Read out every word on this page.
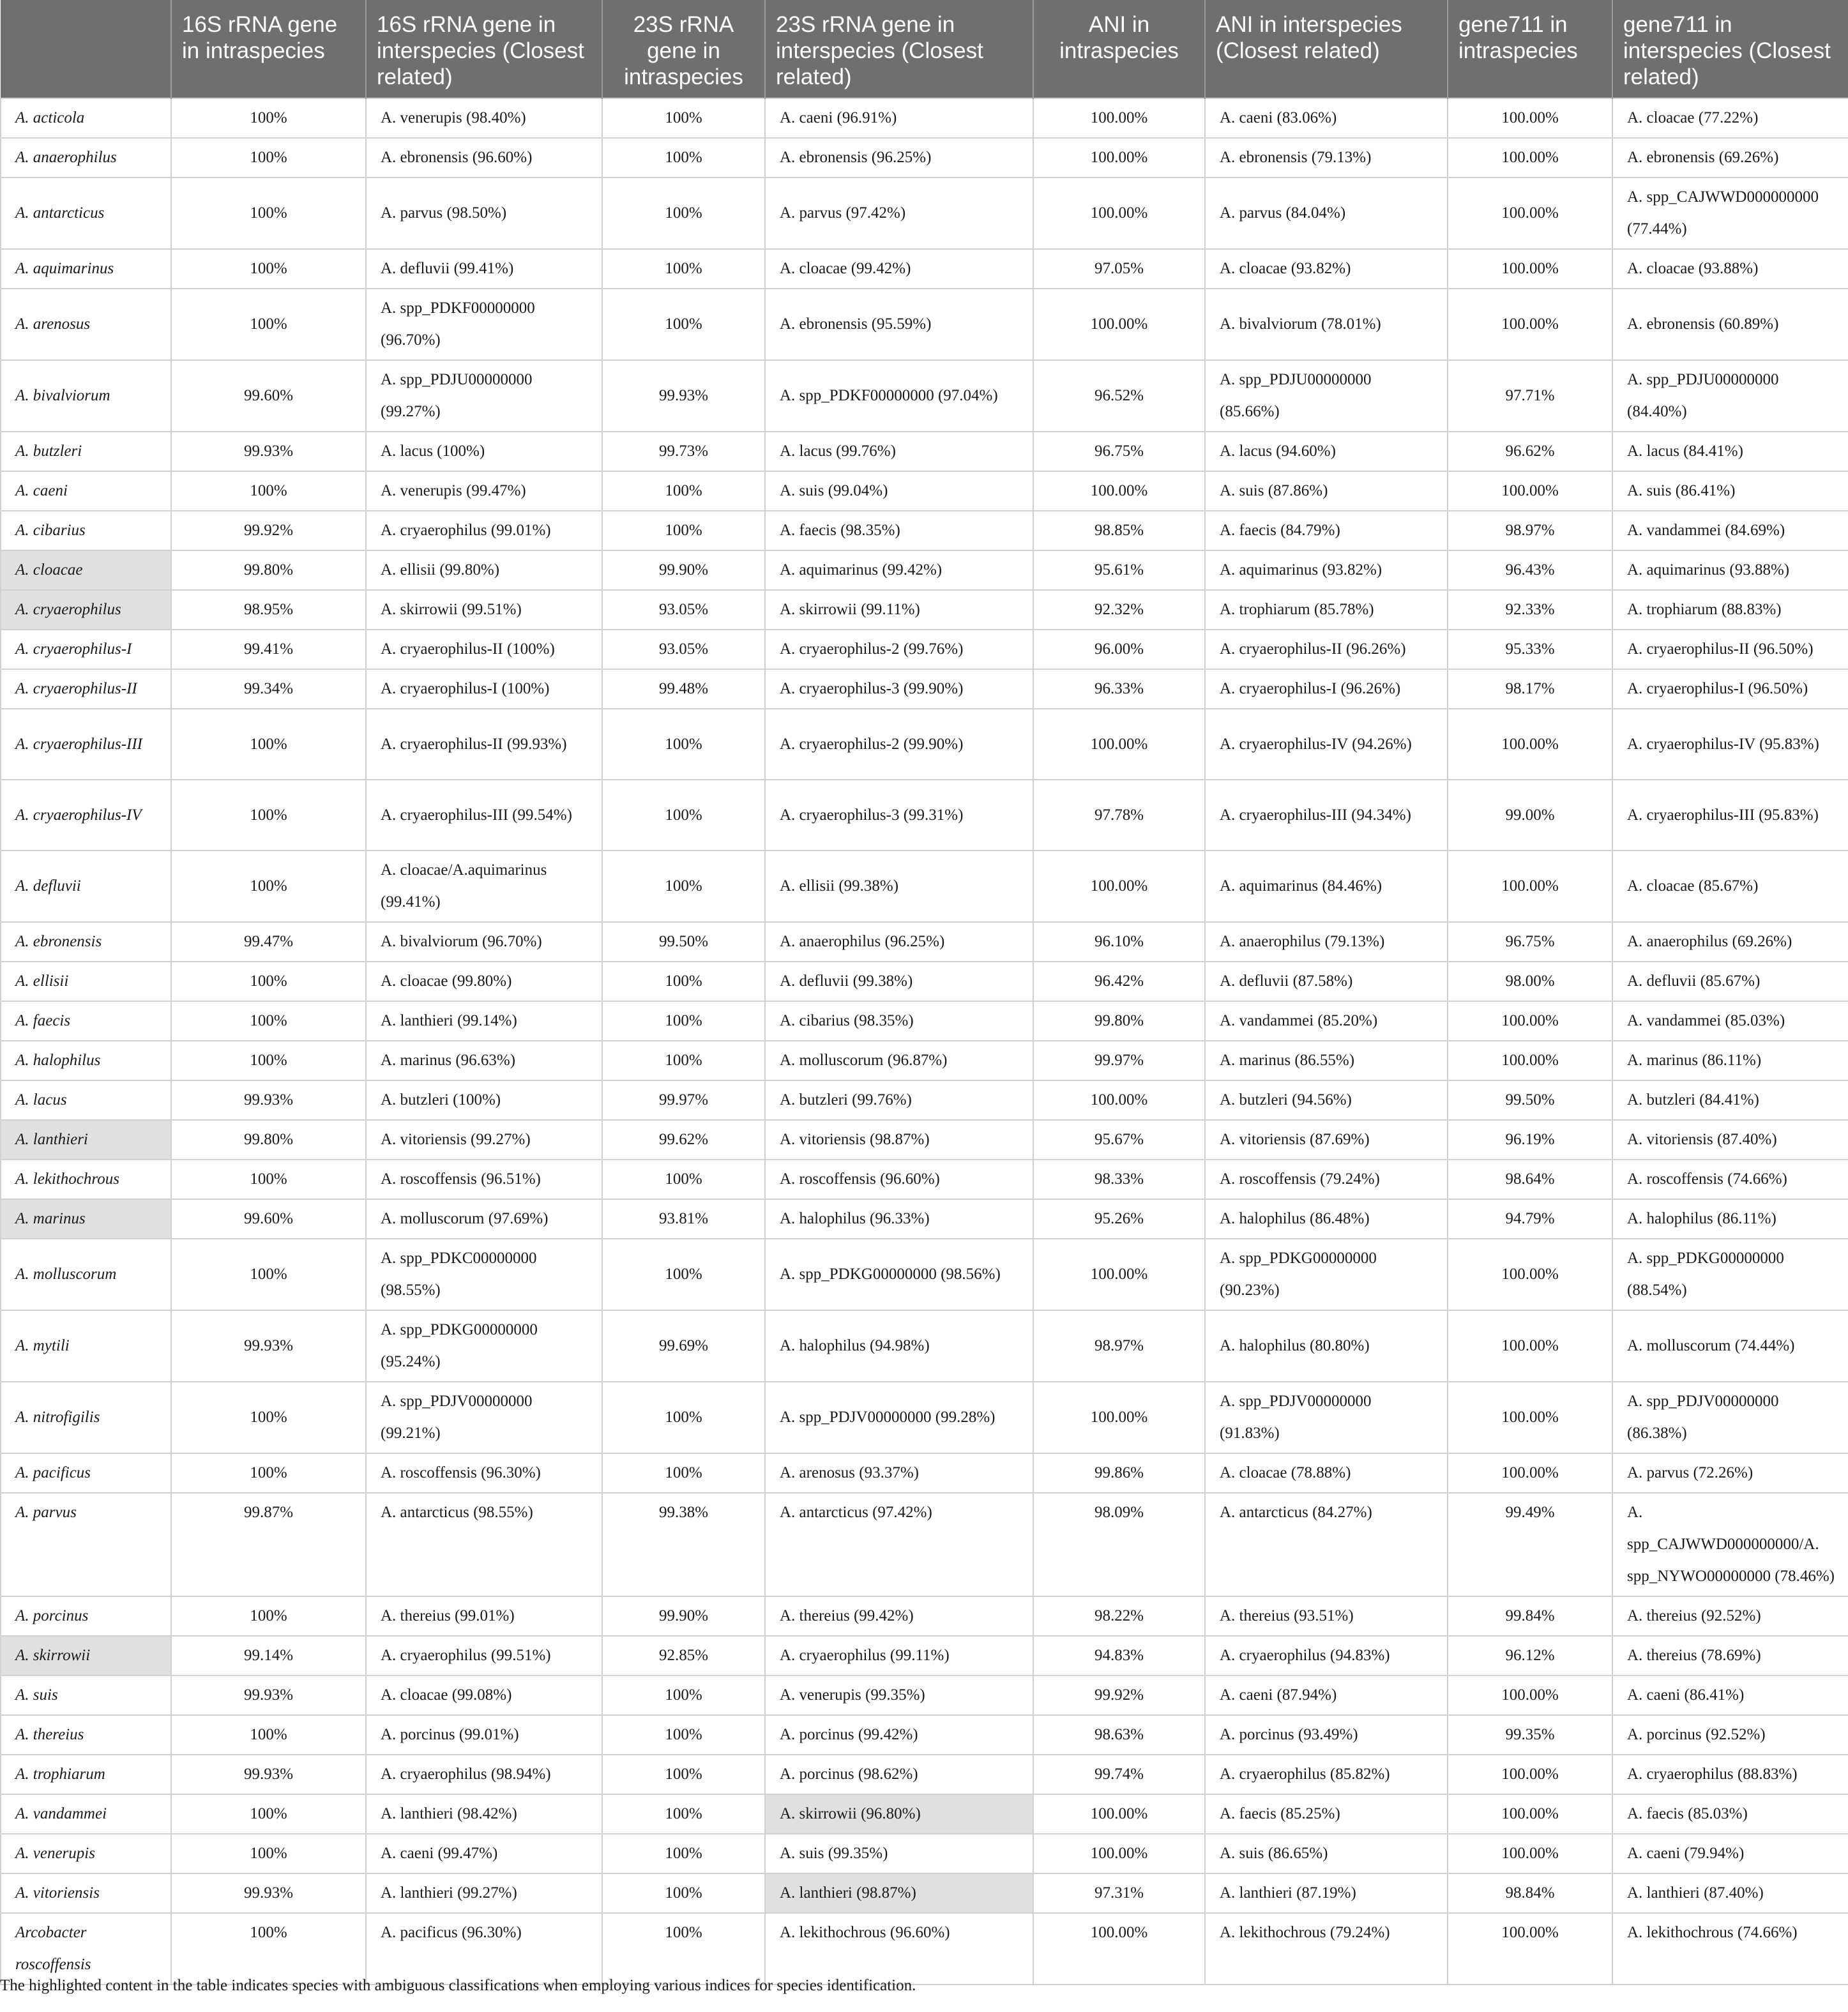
	16S rRNA gene in intraspecies	16S rRNA gene in interspecies (Closest related)	23S rRNA gene in intraspecies	23S rRNA gene in interspecies (Closest related)	ANI in intraspecies	ANI in interspecies (Closest related)	gene711 in intraspecies	gene711 in interspecies (Closest related)
A. acticola	100%	A. venerupis (98.40%)	100%	A. caeni (96.91%)	100.00%	A. caeni (83.06%)	100.00%	A. cloacae (77.22%)
A. anaerophilus	100%	A. ebronensis (96.60%)	100%	A. ebronensis (96.25%)	100.00%	A. ebronensis (79.13%)	100.00%	A. ebronensis (69.26%)
A. antarcticus	100%	A. parvus (98.50%)	100%	A. parvus (97.42%)	100.00%	A. parvus (84.04%)	100.00%	A. spp_CAJWWD000000000 (77.44%)
A. aquimarinus	100%	A. defluvii (99.41%)	100%	A. cloacae (99.42%)	97.05%	A. cloacae (93.82%)	100.00%	A. cloacae (93.88%)
A. arenosus	100%	A. spp_PDKF00000000 (96.70%)	100%	A. ebronensis (95.59%)	100.00%	A. bivalviorum (78.01%)	100.00%	A. ebronensis (60.89%)
A. bivalviorum	99.60%	A. spp_PDJU00000000 (99.27%)	99.93%	A. spp_PDKF00000000 (97.04%)	96.52%	A. spp_PDJU00000000 (85.66%)	97.71%	A. spp_PDJU00000000 (84.40%)
A. butzleri	99.93%	A. lacus (100%)	99.73%	A. lacus (99.76%)	96.75%	A. lacus (94.60%)	96.62%	A. lacus (84.41%)
A. caeni	100%	A. venerupis (99.47%)	100%	A. suis (99.04%)	100.00%	A. suis (87.86%)	100.00%	A. suis (86.41%)
A. cibarius	99.92%	A. cryaerophilus (99.01%)	100%	A. faecis (98.35%)	98.85%	A. faecis (84.79%)	98.97%	A. vandammei (84.69%)
A. cloacae	99.80%	A. ellisii (99.80%)	99.90%	A. aquimarinus (99.42%)	95.61%	A. aquimarinus (93.82%)	96.43%	A. aquimarinus (93.88%)
A. cryaerophilus	98.95%	A. skirrowii (99.51%)	93.05%	A. skirrowii (99.11%)	92.32%	A. trophiarum (85.78%)	92.33%	A. trophiarum (88.83%)
A. cryaerophilus-I	99.41%	A. cryaerophilus-II (100%)	93.05%	A. cryaerophilus-2 (99.76%)	96.00%	A. cryaerophilus-II (96.26%)	95.33%	A. cryaerophilus-II (96.50%)
A. cryaerophilus-II	99.34%	A. cryaerophilus-I (100%)	99.48%	A. cryaerophilus-3 (99.90%)	96.33%	A. cryaerophilus-I (96.26%)	98.17%	A. cryaerophilus-I (96.50%)
A. cryaerophilus-III	100%	A. cryaerophilus-II (99.93%)	100%	A. cryaerophilus-2 (99.90%)	100.00%	A. cryaerophilus-IV (94.26%)	100.00%	A. cryaerophilus-IV (95.83%)
A. cryaerophilus-IV	100%	A. cryaerophilus-III (99.54%)	100%	A. cryaerophilus-3 (99.31%)	97.78%	A. cryaerophilus-III (94.34%)	99.00%	A. cryaerophilus-III (95.83%)
A. defluvii	100%	A. cloacae/A.aquimarinus (99.41%)	100%	A. ellisii (99.38%)	100.00%	A. aquimarinus (84.46%)	100.00%	A. cloacae (85.67%)
A. ebronensis	99.47%	A. bivalviorum (96.70%)	99.50%	A. anaerophilus (96.25%)	96.10%	A. anaerophilus (79.13%)	96.75%	A. anaerophilus (69.26%)
A. ellisii	100%	A. cloacae (99.80%)	100%	A. defluvii (99.38%)	96.42%	A. defluvii (87.58%)	98.00%	A. defluvii (85.67%)
A. faecis	100%	A. lanthieri (99.14%)	100%	A. cibarius (98.35%)	99.80%	A. vandammei (85.20%)	100.00%	A. vandammei (85.03%)
A. halophilus	100%	A. marinus (96.63%)	100%	A. molluscorum (96.87%)	99.97%	A. marinus (86.55%)	100.00%	A. marinus (86.11%)
A. lacus	99.93%	A. butzleri (100%)	99.97%	A. butzleri (99.76%)	100.00%	A. butzleri (94.56%)	99.50%	A. butzleri (84.41%)
A. lanthieri	99.80%	A. vitoriensis (99.27%)	99.62%	A. vitoriensis (98.87%)	95.67%	A. vitoriensis (87.69%)	96.19%	A. vitoriensis (87.40%)
A. lekithochrous	100%	A. roscoffensis (96.51%)	100%	A. roscoffensis (96.60%)	98.33%	A. roscoffensis (79.24%)	98.64%	A. roscoffensis (74.66%)
A. marinus	99.60%	A. molluscorum (97.69%)	93.81%	A. halophilus (96.33%)	95.26%	A. halophilus (86.48%)	94.79%	A. halophilus (86.11%)
A. molluscorum	100%	A. spp_PDKC00000000 (98.55%)	100%	A. spp_PDKG00000000 (98.56%)	100.00%	A. spp_PDKG00000000 (90.23%)	100.00%	A. spp_PDKG00000000 (88.54%)
A. mytili	99.93%	A. spp_PDKG00000000 (95.24%)	99.69%	A. halophilus (94.98%)	98.97%	A. halophilus (80.80%)	100.00%	A. molluscorum (74.44%)
A. nitrofigilis	100%	A. spp_PDJV00000000 (99.21%)	100%	A. spp_PDJV00000000 (99.28%)	100.00%	A. spp_PDJV00000000 (91.83%)	100.00%	A. spp_PDJV00000000 (86.38%)
A. pacificus	100%	A. roscoffensis (96.30%)	100%	A. arenosus (93.37%)	99.86%	A. cloacae (78.88%)	100.00%	A. parvus (72.26%)
A. parvus	99.87%	A. antarcticus (98.55%)	99.38%	A. antarcticus (97.42%)	98.09%	A. antarcticus (84.27%)	99.49%	A. spp_CAJWWD000000000/A. spp_NYWO00000000 (78.46%)
A. porcinus	100%	A. thereius (99.01%)	99.90%	A. thereius (99.42%)	98.22%	A. thereius (93.51%)	99.84%	A. thereius (92.52%)
A. skirrowii	99.14%	A. cryaerophilus (99.51%)	92.85%	A. cryaerophilus (99.11%)	94.83%	A. cryaerophilus (94.83%)	96.12%	A. thereius (78.69%)
A. suis	99.93%	A. cloacae (99.08%)	100%	A. venerupis (99.35%)	99.92%	A. caeni (87.94%)	100.00%	A. caeni (86.41%)
A. thereius	100%	A. porcinus (99.01%)	100%	A. porcinus (99.42%)	98.63%	A. porcinus (93.49%)	99.35%	A. porcinus (92.52%)
A. trophiarum	99.93%	A. cryaerophilus (98.94%)	100%	A. porcinus (98.62%)	99.74%	A. cryaerophilus (85.82%)	100.00%	A. cryaerophilus (88.83%)
A. vandammei	100%	A. lanthieri (98.42%)	100%	A. skirrowii (96.80%)	100.00%	A. faecis (85.25%)	100.00%	A. faecis (85.03%)
A. venerupis	100%	A. caeni (99.47%)	100%	A. suis (99.35%)	100.00%	A. suis (86.65%)	100.00%	A. caeni (79.94%)
A. vitoriensis	99.93%	A. lanthieri (99.27%)	100%	A. lanthieri (98.87%)	97.31%	A. lanthieri (87.19%)	98.84%	A. lanthieri (87.40%)
Arcobacter roscoffensis	100%	A. pacificus (96.30%)	100%	A. lekithochrous (96.60%)	100.00%	A. lekithochrous (79.24%)	100.00%	A. lekithochrous (74.66%)
The highlighted content in the table indicates species with ambiguous classifications when employing various indices for species identification.
